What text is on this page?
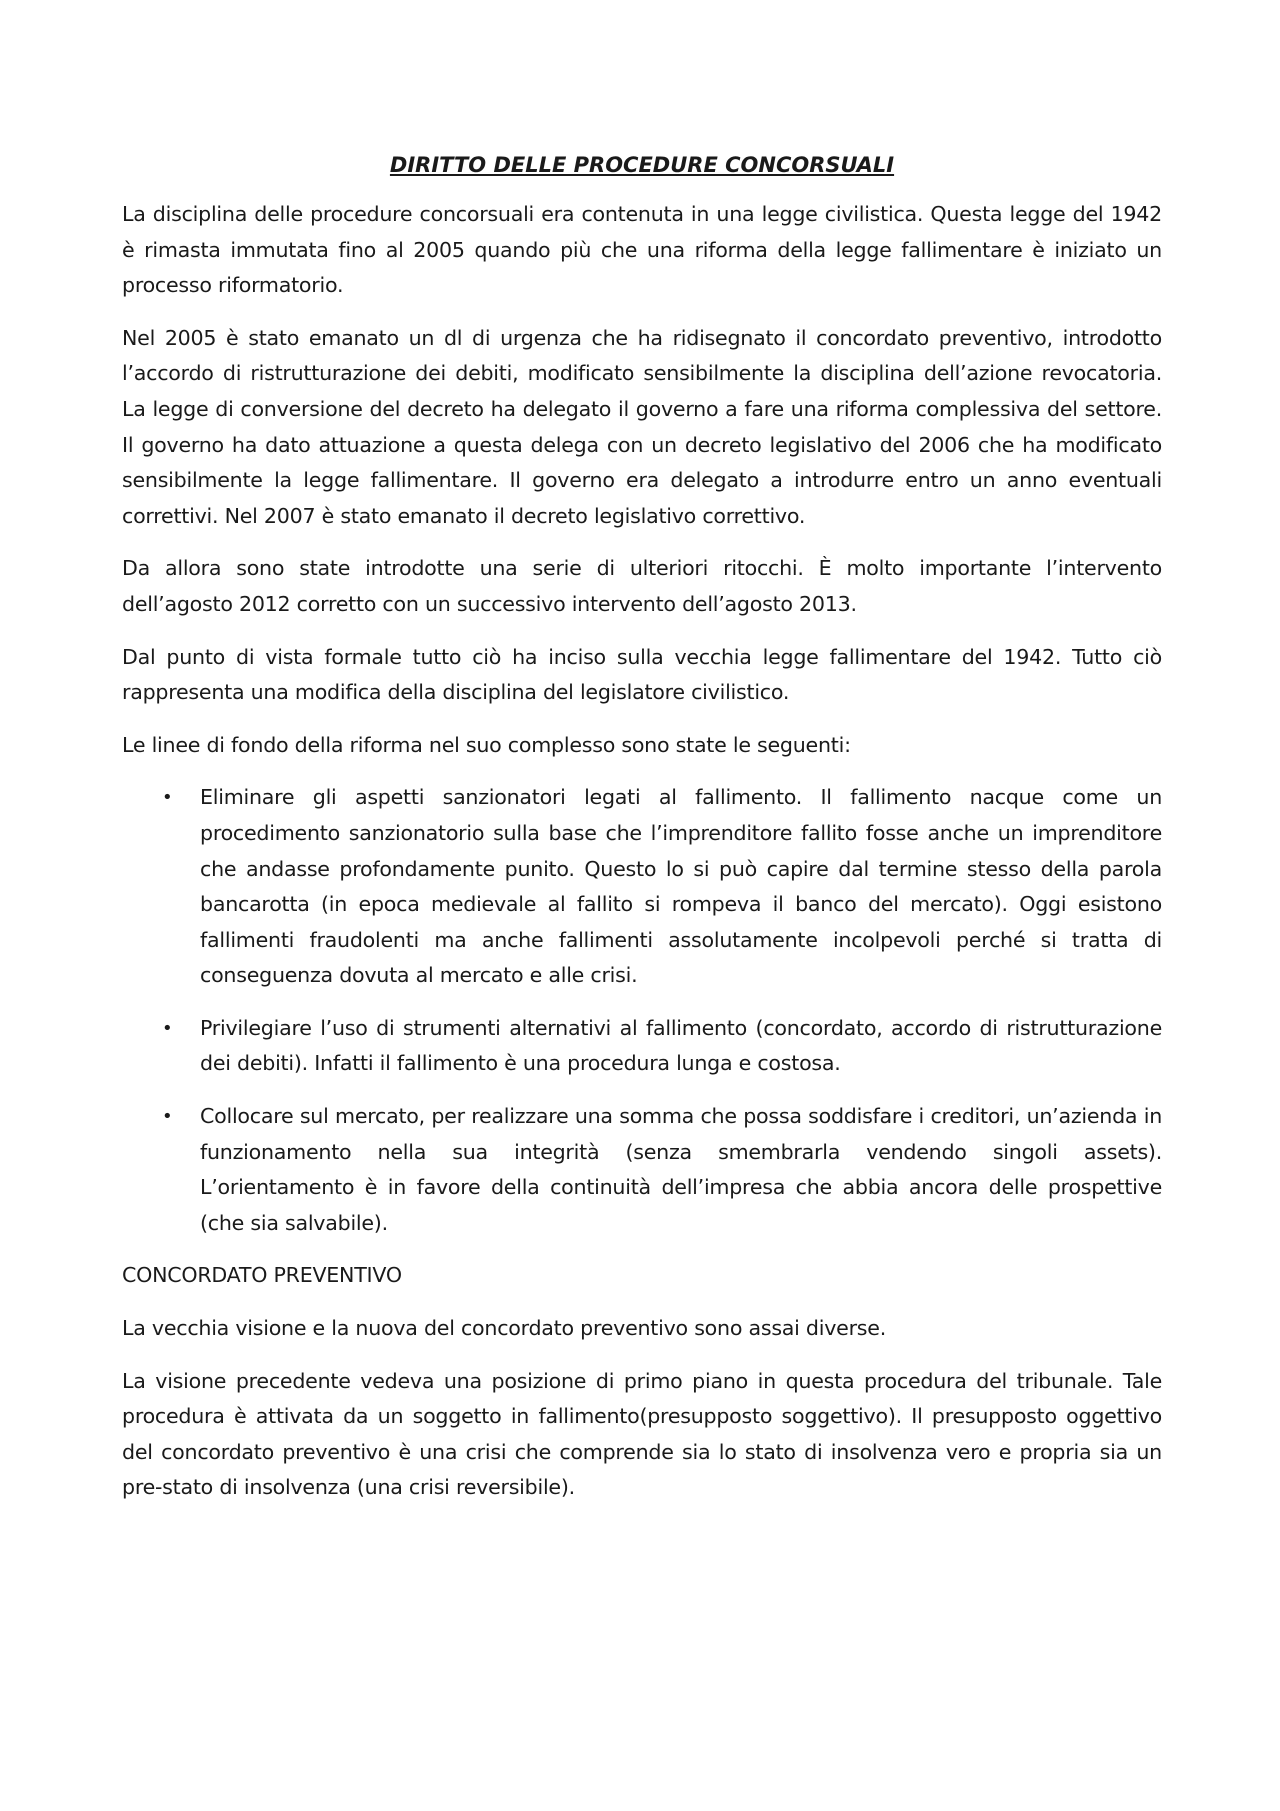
DIRITTO DELLE PROCEDURE CONCORSUALI

La disciplina delle procedure concorsuali era contenuta in una legge civilistica. Questa legge del 1942 è rimasta immutata fino al 2005 quando più che una riforma della legge fallimentare è iniziato un processo riformatorio.

Nel 2005 è stato emanato un dl di urgenza che ha ridisegnato il concordato preventivo, introdotto l’accordo di ristrutturazione dei debiti, modificato sensibilmente la disciplina dell’azione revocatoria. La legge di conversione del decreto ha delegato il governo a fare una riforma complessiva del settore. Il governo ha dato attuazione a questa delega con un decreto legislativo del 2006 che ha modificato sensibilmente la legge fallimentare. Il governo era delegato a introdurre entro un anno eventuali correttivi. Nel 2007 è stato emanato il decreto legislativo correttivo.

Da allora sono state introdotte una serie di ulteriori ritocchi. È molto importante l’intervento dell’agosto 2012 corretto con un successivo intervento dell’agosto 2013.

Dal punto di vista formale tutto ciò ha inciso sulla vecchia legge fallimentare del 1942. Tutto ciò rappresenta una modifica della disciplina del legislatore civilistico.

Le linee di fondo della riforma nel suo complesso sono state le seguenti:

• Eliminare gli aspetti sanzionatori legati al fallimento. Il fallimento nacque come un procedimento sanzionatorio sulla base che l’imprenditore fallito fosse anche un imprenditore che andasse profondamente punito. Questo lo si può capire dal termine stesso della parola bancarotta (in epoca medievale al fallito si rompeva il banco del mercato). Oggi esistono fallimenti fraudolenti ma anche fallimenti assolutamente incolpevoli perché si tratta di conseguenza dovuta al mercato e alle crisi.
• Privilegiare l’uso di strumenti alternativi al fallimento (concordato, accordo di ristrutturazione dei debiti). Infatti il fallimento è una procedura lunga e costosa.
• Collocare sul mercato, per realizzare una somma che possa soddisfare i creditori, un’azienda in funzionamento nella sua integrità (senza smembrarla vendendo singoli assets). L’orientamento è in favore della continuità dell’impresa che abbia ancora delle prospettive (che sia salvabile).
CONCORDATO PREVENTIVO

La vecchia visione e la nuova del concordato preventivo sono assai diverse.

La visione precedente vedeva una posizione di primo piano in questa procedura del tribunale. Tale procedura è attivata da un soggetto in fallimento(presupposto soggettivo). Il presupposto oggettivo del concordato preventivo è una crisi che comprende sia lo stato di insolvenza vero e propria sia un pre-stato di insolvenza (una crisi reversibile).
